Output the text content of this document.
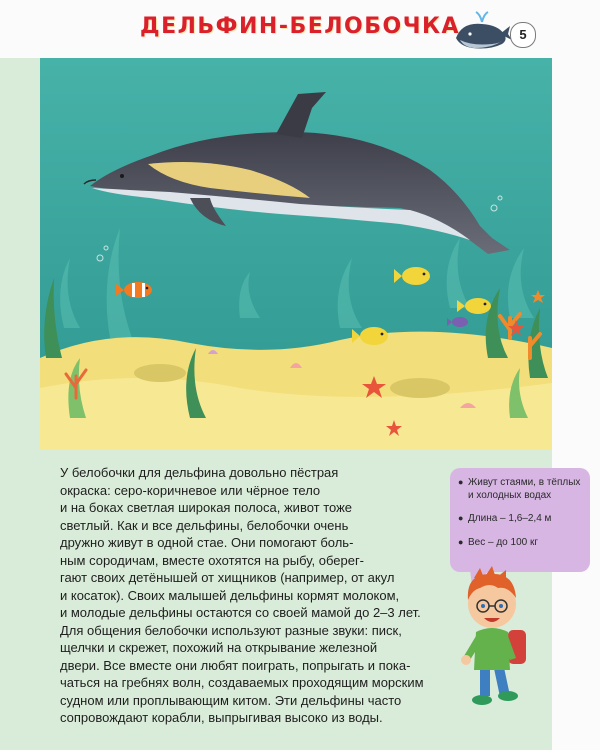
ДЕЛЬФИН-БЕЛОБОЧКА	5
У белобочки для дельфина довольно пёстрая
окраска: серо-коричневое или чёрное тело
и на боках светлая широкая полоса, живот тоже
светлый. Как и все дельфины, белобочки очень
дружно живут в одной стае. Они помогают боль-
ным сородичам, вместе охотятся на рыбу, оберег-
гают своих детёнышей от хищников (например, от акул
и косаток). Своих малышей дельфины кормят молоком,
и молодые дельфины остаются со своей мамой до 2–3 лет.
Для общения белобочки используют разные звуки: писк,
щелчки и скрежет, похожий на открывание железной
двери. Все вместе они любят поиграть, попрыгать и пока-
чаться на гребнях волн, создаваемых проходящим морским
судном или проплывающим китом. Эти дельфины часто
сопровождают корабли, выпрыгивая высоко из воды.
● Живут стаями, в тёплых и холодных водах
● Длина – 1,6–2,4 м
● Вес – до 100 кг
